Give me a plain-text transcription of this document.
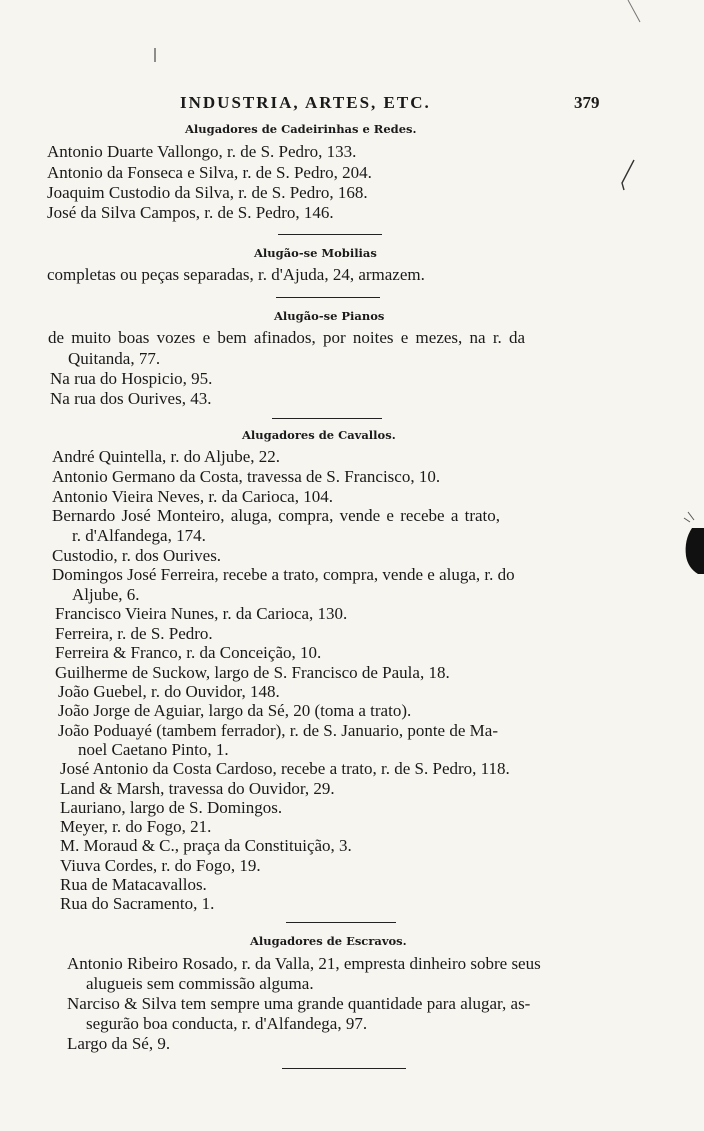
INDUSTRIA, ARTES, ETC.	379
Alugadores de Cadeirinhas e Redes.
Antonio Duarte Vallongo, r. de S. Pedro, 133.
Antonio da Fonseca e Silva, r. de S. Pedro, 204.
Joaquim Custodio da Silva, r. de S. Pedro, 168.
José da Silva Campos, r. de S. Pedro, 146.
Alugão-se Mobilias
completas ou peças separadas, r. d'Ajuda, 24, armazem.
Alugão-se Pianos
de muito boas vozes e bem afinados, por noites e mezes, na r. da
Quitanda, 77.
Na rua do Hospicio, 95.
Na rua dos Ourives, 43.
Alugadores de Cavallos.
André Quintella, r. do Aljube, 22.
Antonio Germano da Costa, travessa de S. Francisco, 10.
Antonio Vieira Neves, r. da Carioca, 104.
Bernardo José Monteiro, aluga, compra, vende e recebe a trato,
r. d'Alfandega, 174.
Custodio, r. dos Ourives.
Domingos José Ferreira, recebe a trato, compra, vende e aluga, r. do
Aljube, 6.
Francisco Vieira Nunes, r. da Carioca, 130.
Ferreira, r. de S. Pedro.
Ferreira & Franco, r. da Conceição, 10.
Guilherme de Suckow, largo de S. Francisco de Paula, 18.
João Guebel, r. do Ouvidor, 148.
João Jorge de Aguiar, largo da Sé, 20 (toma a trato).
João Poduayé (tambem ferrador), r. de S. Januario, ponte de Ma-
noel Caetano Pinto, 1.
José Antonio da Costa Cardoso, recebe a trato, r. de S. Pedro, 118.
Land & Marsh, travessa do Ouvidor, 29.
Lauriano, largo de S. Domingos.
Meyer, r. do Fogo, 21.
M. Moraud & C., praça da Constituição, 3.
Viuva Cordes, r. do Fogo, 19.
Rua de Matacavallos.
Rua do Sacramento, 1.
Alugadores de Escravos.
Antonio Ribeiro Rosado, r. da Valla, 21, empresta dinheiro sobre seus
alugueis sem commissão alguma.
Narciso & Silva tem sempre uma grande quantidade para alugar, as-
segurão boa conducta, r. d'Alfandega, 97.
Largo da Sé, 9.
